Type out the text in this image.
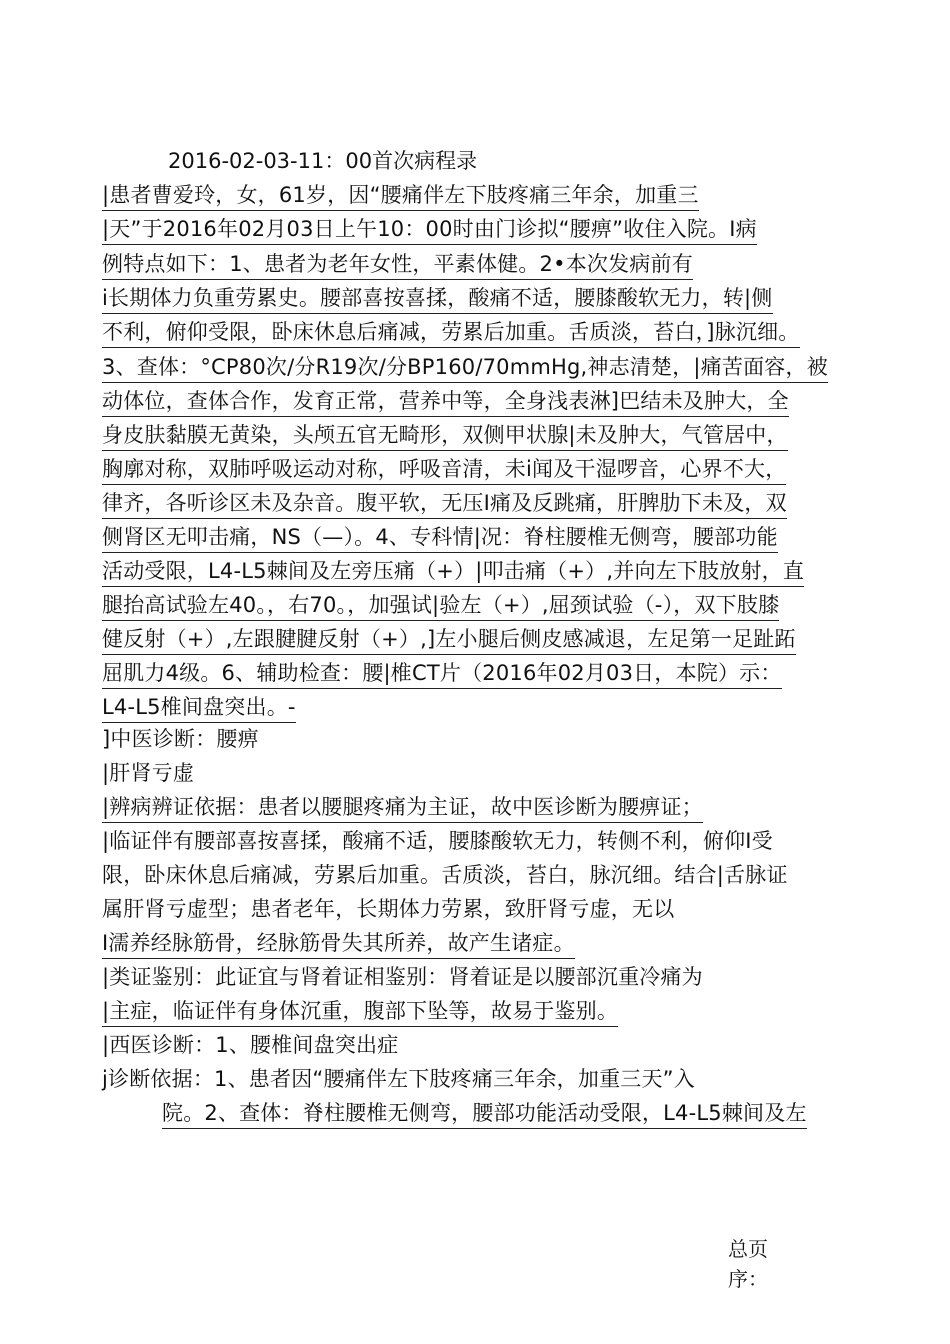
2016-02-03-11：00首次病程录
|患者曹爱玲，女，61岁，因“腰痛伴左下肢疼痛三年余，加重三
|天”于2016年02月03日上午10：00时由门诊拟“腰痹”收住入院。I病
例特点如下：1、患者为老年女性，平素体健。2•本次发病前有
i长期体力负重劳累史。腰部喜按喜揉，酸痛不适，腰膝酸软无力，转|侧
不利，俯仰受限，卧床休息后痛减，劳累后加重。舌质淡，苔白，]脉沉细。
3、查体：°CP80次/分R19次/分BP160/70mmHg,神志清楚，|痛苦面容，被
动体位，查体合作，发育正常，营养中等，全身浅表淋]巴结未及肿大，全
身皮肤黏膜无黄染，头颅五官无畸形，双侧甲状腺|未及肿大，气管居中，
胸廓对称，双肺呼吸运动对称，呼吸音清，未i闻及干湿啰音，心界不大，
律齐，各听诊区未及杂音。腹平软，无压I痛及反跳痛，肝脾肋下未及，双
侧肾区无叩击痛，NS（—）。4、专科情|况：脊柱腰椎无侧弯，腰部功能
活动受限，L4-L5棘间及左旁压痛（+）|叩击痛（+）,并向左下肢放射，直
腿抬高试验左40。，右70。，加强试|验左（+）,屈颈试验（-），双下肢膝
健反射（+）,左跟腱腱反射（+）,]左小腿后侧皮感减退，左足第一足趾跖
屈肌力4级。6、辅助检查：腰|椎CT片（2016年02月03日，本院）示：
L4-L5椎间盘突出。-
]中医诊断：腰痹
|肝肾亏虚
|辨病辨证依据：患者以腰腿疼痛为主证，故中医诊断为腰痹证；
|临证伴有腰部喜按喜揉，酸痛不适，腰膝酸软无力，转侧不利，俯仰I受
限，卧床休息后痛减，劳累后加重。舌质淡，苔白，脉沉细。结合|舌脉证
属肝肾亏虚型；患者老年，长期体力劳累，致肝肾亏虚，无以
I濡养经脉筋骨，经脉筋骨失其所养，故产生诸症。
|类证鉴别：此证宜与肾着证相鉴别：肾着证是以腰部沉重冷痛为
|主症，临证伴有身体沉重，腹部下坠等，故易于鉴别。
|西医诊断：1、腰椎间盘突出症
j诊断依据：1、患者因“腰痛伴左下肢疼痛三年余，加重三天”入
院。2、查体：脊柱腰椎无侧弯，腰部功能活动受限，L4-L5棘间及左
总页
序：
